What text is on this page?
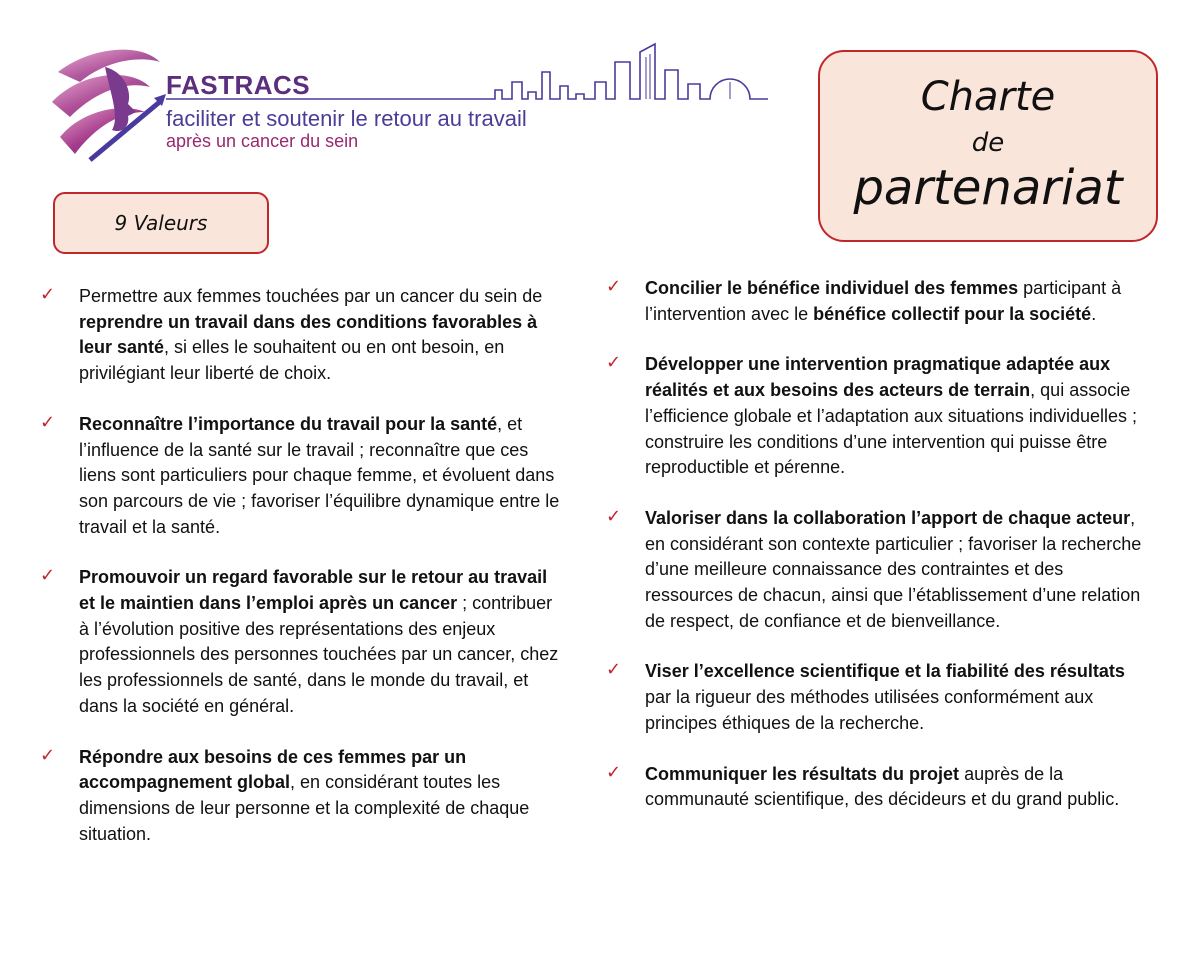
FASTRACS
faciliter et soutenir le retour au travail
après un cancer du sein
Charte
de
partenariat
9 Valeurs
✓ Permettre aux femmes touchées par un cancer du sein de reprendre un travail dans des conditions favorables à leur santé, si elles le souhaitent ou en ont besoin, en privilégiant leur liberté de choix.
✓ Reconnaître l’importance du travail pour la santé, et l’influence de la santé sur le travail ; reconnaître que ces liens sont particuliers pour chaque femme, et évoluent dans son parcours de vie ; favoriser l’équilibre dynamique entre le travail et la santé.
✓ Promouvoir un regard favorable sur le retour au travail et le maintien dans l’emploi après un cancer ; contribuer à l’évolution positive des représentations des enjeux professionnels des personnes touchées par un cancer, chez les professionnels de santé, dans le monde du travail, et dans la société en général.
✓ Répondre aux besoins de ces femmes par un accompagnement global, en considérant toutes les dimensions de leur personne et la complexité de chaque situation.
✓ Concilier le bénéfice individuel des femmes participant à l’intervention avec le bénéfice collectif pour la société.
✓ Développer une intervention pragmatique adaptée aux réalités et aux besoins des acteurs de terrain, qui associe l’efficience globale et l’adaptation aux situations individuelles ; construire les conditions d’une intervention qui puisse être reproductible et pérenne.
✓ Valoriser dans la collaboration l’apport de chaque acteur, en considérant son contexte particulier ; favoriser la recherche d’une meilleure connaissance des contraintes et des ressources de chacun, ainsi que l’établissement d’une relation de respect, de confiance et de bienveillance.
✓ Viser l’excellence scientifique et la fiabilité des résultats par la rigueur des méthodes utilisées conformément aux principes éthiques de la recherche.
✓ Communiquer les résultats du projet auprès de la communauté scientifique, des décideurs et du grand public.
